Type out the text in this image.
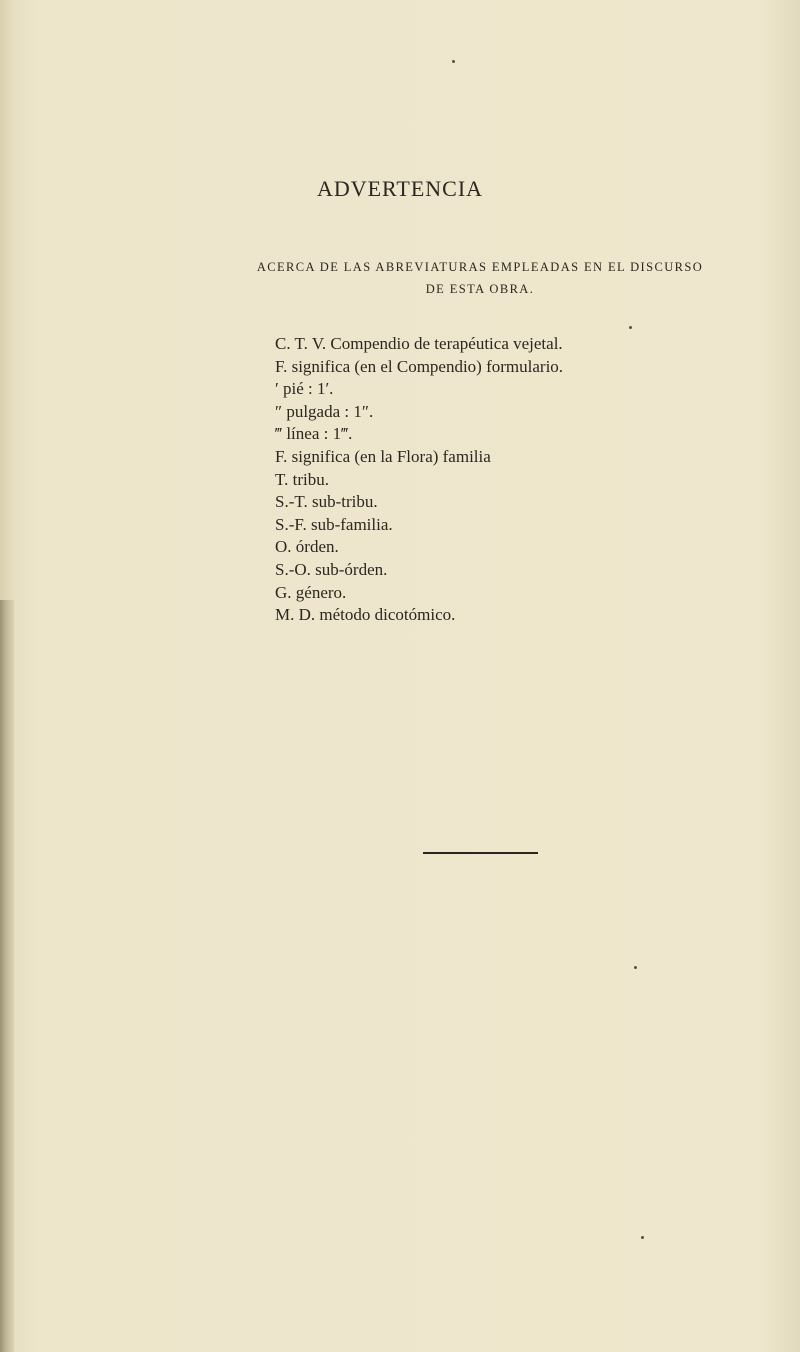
ADVERTENCIA
ACERCA DE LAS ABREVIATURAS EMPLEADAS EN EL DISCURSO
DE ESTA OBRA.
C. T. V. Compendio de terapéutica vejetal.
F. significa (en el Compendio) formulario.
′ pié : 1′.
″ pulgada : 1″.
‴ línea : 1‴.
F. significa (en la Flora) familia
T. tribu.
S.-T. sub-tribu.
S.-F. sub-familia.
O. órden.
S.-O. sub-órden.
G. género.
M. D. método dicotómico.
